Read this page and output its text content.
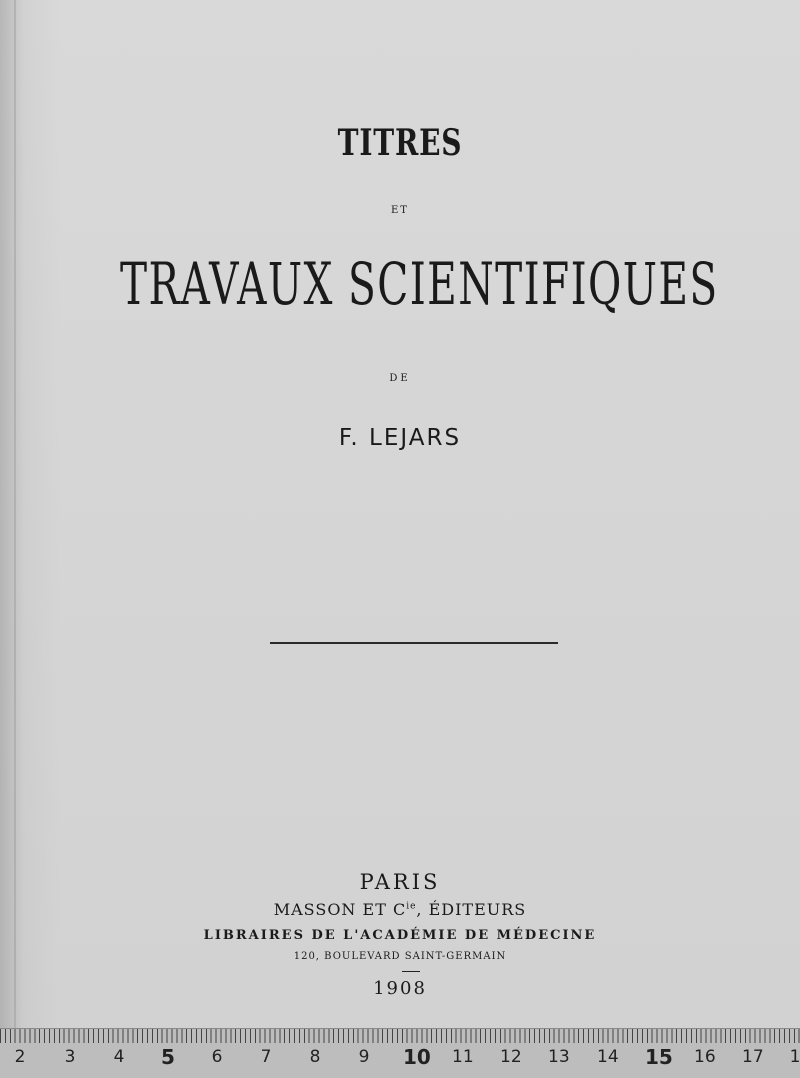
TITRES
ET
TRAVAUX SCIENTIFIQUES
DE
F. LEJARS
PARIS
MASSON ET $C^{ie}$, ÉDITEURS
LIBRAIRES DE L'ACADÉMIE DE MÉDECINE
120, BOULEVARD SAINT-GERMAIN
1908
2 3 4 5 6 7 8 9 10 11 12 13 14 15 16 17 1
